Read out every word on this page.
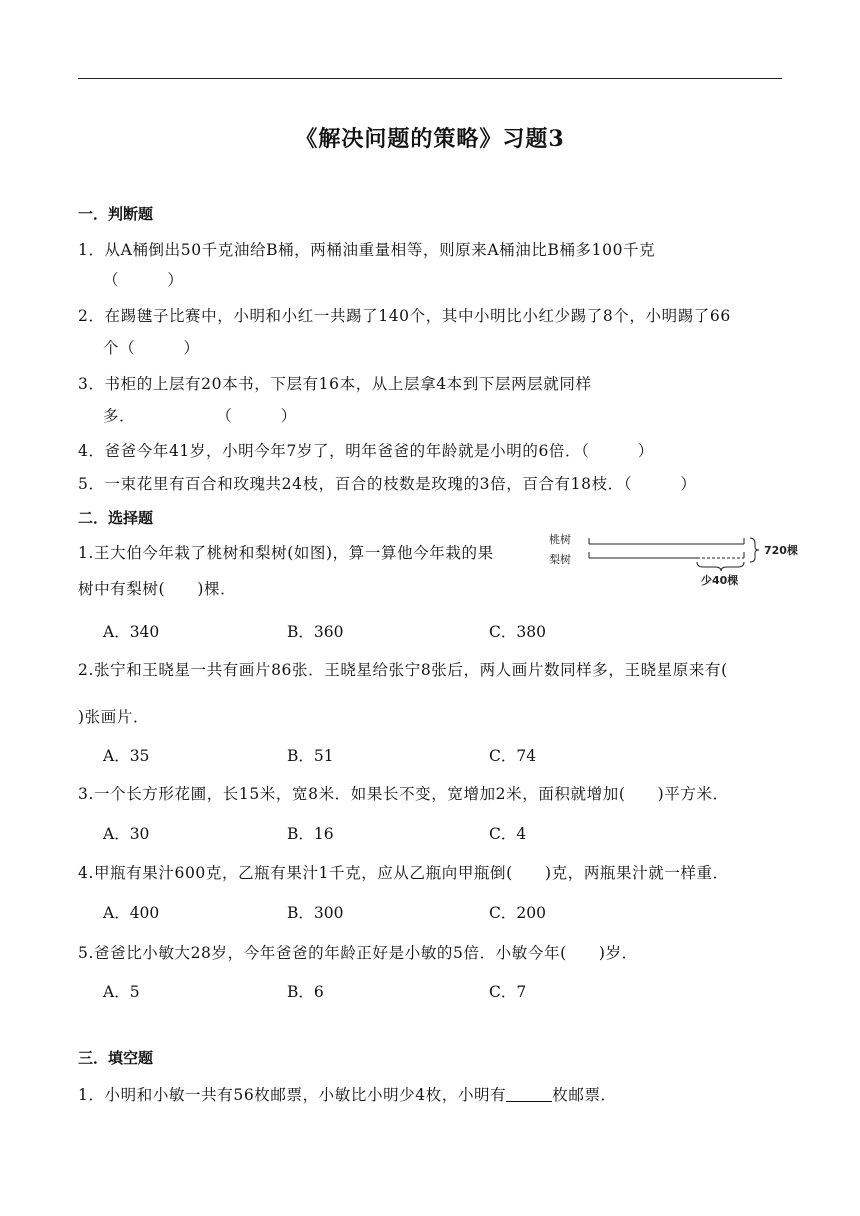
《解决问题的策略》习题3
一．判断题
1．从A桶倒出50千克油给B桶，两桶油重量相等，则原来A桶油比B桶多100千克
（　　　）
2．在踢毽子比赛中，小明和小红一共踢了140个，其中小明比小红少踢了8个，小明踢了66
个（　　　）
3．书柜的上层有20本书，下层有16本，从上层拿4本到下层两层就同样
多．　　　　　　（　　　）
4．爸爸今年41岁，小明今年7岁了，明年爸爸的年龄就是小明的6倍．（　　　）
5．一束花里有百合和玫瑰共24枝，百合的枝数是玫瑰的3倍，百合有18枝．（　　　）
二．选择题
1.王大伯今年栽了桃树和梨树(如图)，算一算他今年栽的果
树中有梨树(　　)棵．
桃树
梨树
720棵
少40棵
A．340	B．360	C．380
2.张宁和王晓星一共有画片86张．王晓星给张宁8张后，两人画片数同样多，王晓星原来有(
)张画片．
A．35	B．51	C．74
3.一个长方形花圃，长15米，宽8米．如果长不变，宽增加2米，面积就增加(　　)平方米．
A．30	B．16	C．4
4.甲瓶有果汁600克，乙瓶有果汁1千克，应从乙瓶向甲瓶倒(　　)克，两瓶果汁就一样重．
A．400	B．300	C．200
5.爸爸比小敏大28岁，今年爸爸的年龄正好是小敏的5倍．小敏今年(　　)岁．
A．5	B．6	C．7
三．填空题
1．小明和小敏一共有56枚邮票，小敏比小明少4枚，小明有	枚邮票．
